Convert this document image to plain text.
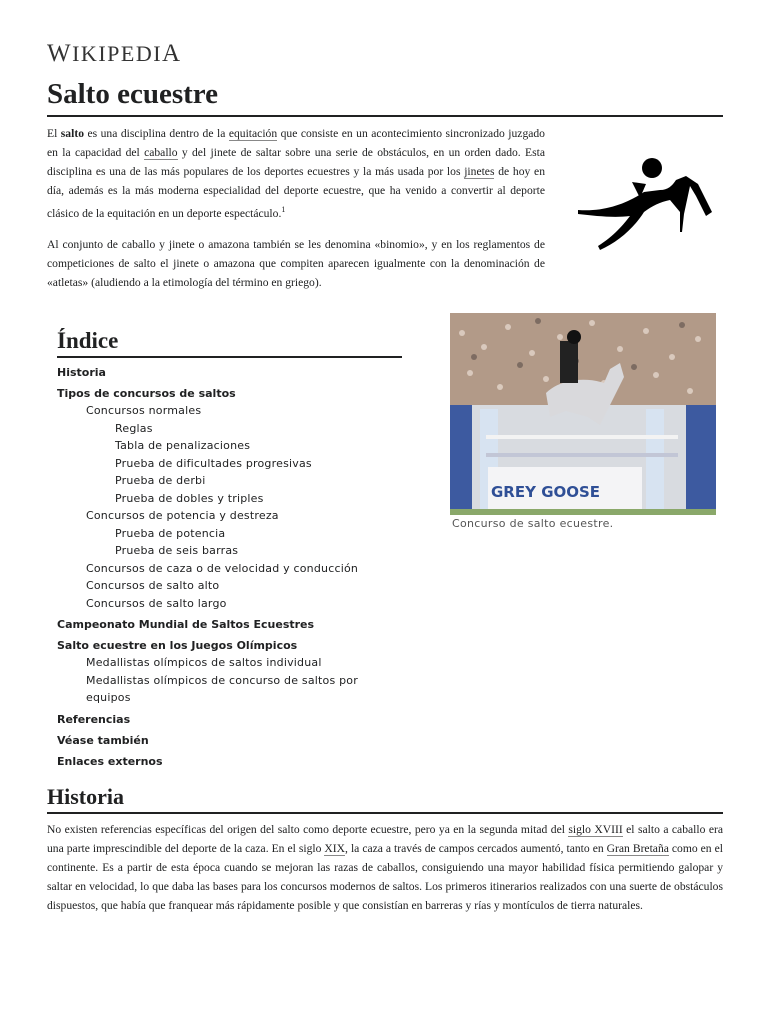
WIKIPEDIA
Salto ecuestre

El salto es una disciplina dentro de la equitación que consiste en un acontecimiento sincronizado juzgado en la capacidad del caballo y del jinete de saltar sobre una serie de obstáculos, en un orden dado. Esta disciplina es una de las más populares de los deportes ecuestres y la más usada por los jinetes de hoy en día, además es la más moderna especialidad del deporte ecuestre, que ha venido a convertir al deporte clásico de la equitación en un deporte espectáculo.$^1$

Al conjunto de caballo y jinete o amazona también se les denomina «binomio», y en los reglamentos de competiciones de salto el jinete o amazona que compiten aparecen igualmente con la denominación de «atletas» (aludiendo a la etimología del término en griego).

Índice
Historia
Tipos de concursos de saltos
Concursos normales
Reglas
Tabla de penalizaciones
Prueba de dificultades progresivas
Prueba de derbi
Prueba de dobles y triples
Concursos de potencia y destreza
Prueba de potencia
Prueba de seis barras
Concursos de caza o de velocidad y conducción
Concursos de salto alto
Concursos de salto largo
Campeonato Mundial de Saltos Ecuestres
Salto ecuestre en los Juegos Olímpicos
Medallistas olímpicos de saltos individual
Medallistas olímpicos de concurso de saltos por equipos
Referencias
Véase también
Enlaces externos
GREY GOOSE
Concurso de salto ecuestre.
Historia

No existen referencias específicas del origen del salto como deporte ecuestre, pero ya en la segunda mitad del siglo XVIII el salto a caballo era una parte imprescindible del deporte de la caza. En el siglo XIX, la caza a través de campos cercados aumentó, tanto en Gran Bretaña como en el continente. Es a partir de esta época cuando se mejoran las razas de caballos, consiguiendo una mayor habilidad física permitiendo galopar y saltar en velocidad, lo que daba las bases para los concursos modernos de saltos. Los primeros itinerarios realizados con una suerte de obstáculos dispuestos, que había que franquear más rápidamente posible y que consistían en barreras y rías y montículos de tierra naturales.
